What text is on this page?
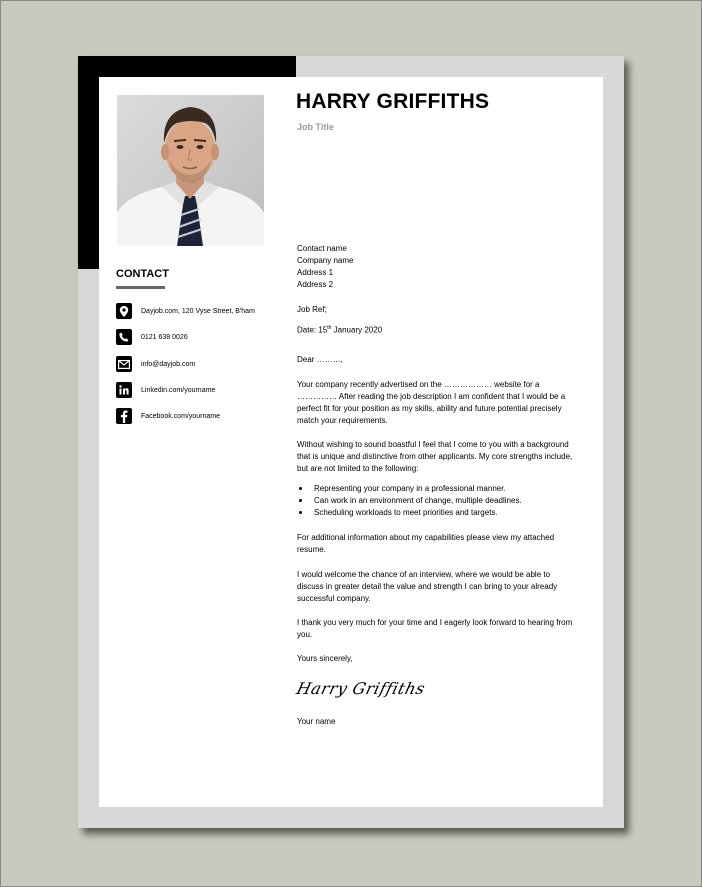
HARRY GRIFFITHS
Job Title
CONTACT
Dayjob.com, 120 Vyse Street, B'ham
0121 638 0026
info@dayjob.com
Linkedin.com/yourname
Facebook.com/yourname

Contact name

Company name

Address 1

Address 2

Job Ref;
Date: 15th January 2020
Dear ………,
Your company recently advertised on the ……………… website for a …………… After reading the job description I am confident that I would be a perfect fit for your position as my skills, ability and future potential precisely match your requirements.
Without wishing to sound boastful I feel that I come to you with a background that is unique and distinctive from other applicants. My core strengths include, but are not limited to the following:
Representing your company in a professional manner.
Can work in an environment of change, multiple deadlines.
Scheduling workloads to meet priorities and targets.
For additional information about my capabilities please view my attached resume.
I would welcome the chance of an interview, where we would be able to discuss in greater detail the value and strength I can bring to your already successful company.
I thank you very much for your time and I eagerly look forward to hearing from you.
Yours sincerely,
Harry Griffiths
Your name
